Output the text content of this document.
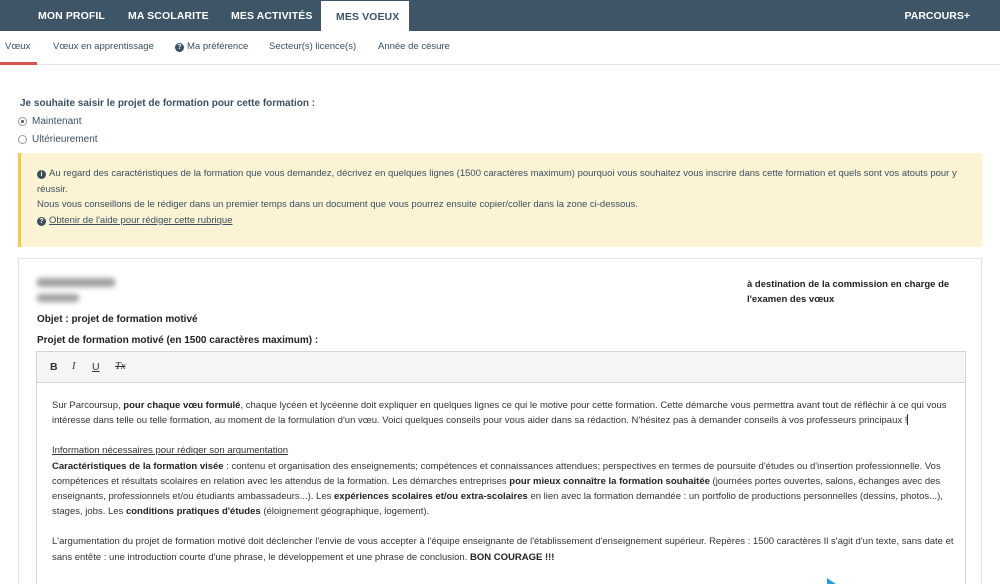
MON PROFIL MA SCOLARITE MES ACTIVITÉS	MES VOEUX	PARCOURS+
Vœux Vœux en apprentissage	? Ma préférence Secteur(s) licence(s) Année de césure
Je souhaite saisir le projet de formation pour cette formation :
Maintenant
Ultérieurement
i Au regard des caractéristiques de la formation que vous demandez, décrivez en quelques lignes (1500 caractères maximum) pourquoi vous souhaitez vous inscrire dans cette formation et quels sont vos atouts pour y réussir.
Nous vous conseillons de le rédiger dans un premier temps dans un document que vous pourrez ensuite copier/coller dans la zone ci-dessous.
? Obtenir de l'aide pour rédiger cette rubrique
à destination de la commission en charge de l'examen des vœux
Objet : projet de formation motivé
Projet de formation motivé (en 1500 caractères maximum) :
B I U Tx

Sur Parcoursup, pour chaque vœu formulé, chaque lycéen et lycéenne doit expliquer en quelques lignes ce qui le motive pour cette formation. Cette démarche vous permettra avant tout de réfléchir à ce qui vous intéresse dans telle ou telle formation, au moment de la formulation d'un vœu. Voici quelques conseils pour vous aider dans sa rédaction. N'hésitez pas à demander conseils à vos professeurs principaux !

Information nécessaires pour rédiger son argumentation
Caractéristiques de la formation visée : contenu et organisation des enseignements; compétences et connaissances attendues; perspectives en termes de poursuite d'études ou d'insertion professionnelle. Vos compétences et résultats scolaires en relation avec les attendus de la formation. Les démarches entreprises pour mieux connaître la formation souhaitée (journées portes ouvertes, salons, échanges avec des enseignants, professionnels et/ou étudiants ambassadeurs...). Les expériences scolaires et/ou extra-scolaires en lien avec la formation demandée : un portfolio de productions personnelles (dessins, photos...), stages, jobs. Les conditions pratiques d'études (éloignement géographique, logement).

L'argumentation du projet de formation motivé doit déclencher l'envie de vous accepter à l'équipe enseignante de l'établissement d'enseignement supérieur. Repères : 1500 caractères Il s'agit d'un texte, sans date et sans entête : une introduction courte d'une phrase, le développement et une phrase de conclusion. BON COURAGE !!!
